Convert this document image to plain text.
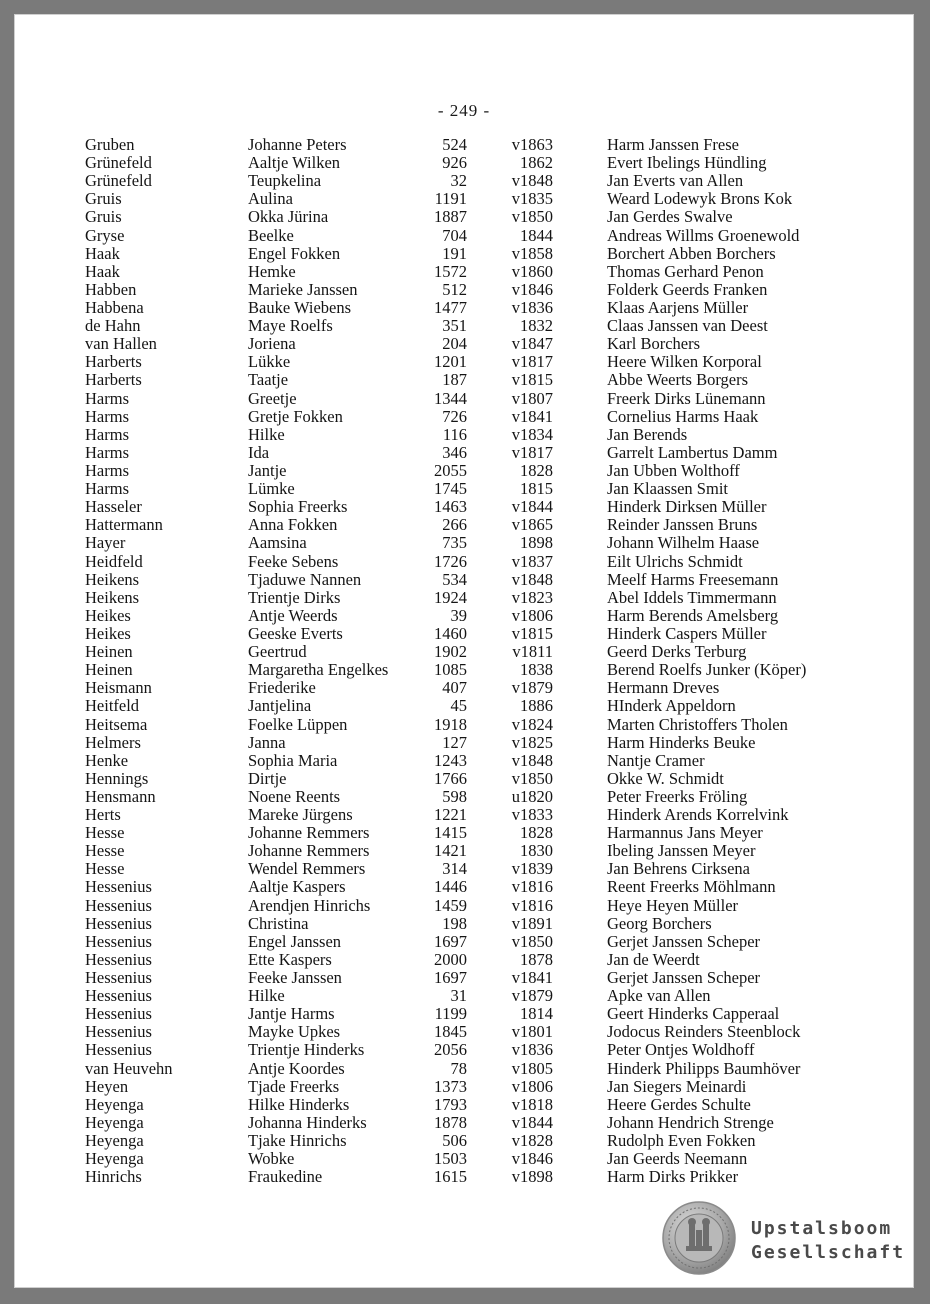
- 249 -
Gruben	Johanne Peters	524	v1863	Harm Janssen Frese
Grünefeld	Aaltje Wilken	926	1862	Evert Ibelings Hündling
Grünefeld	Teupkelina	32	v1848	Jan Everts van Allen
Gruis	Aulina	1191	v1835	Weard Lodewyk Brons Kok
Gruis	Okka Jürina	1887	v1850	Jan Gerdes Swalve
Gryse	Beelke	704	1844	Andreas Willms Groenewold
Haak	Engel Fokken	191	v1858	Borchert Abben Borchers
Haak	Hemke	1572	v1860	Thomas Gerhard Penon
Habben	Marieke Janssen	512	v1846	Folderk Geerds Franken
Habbena	Bauke Wiebens	1477	v1836	Klaas Aarjens Müller
de Hahn	Maye Roelfs	351	1832	Claas Janssen van Deest
van Hallen	Joriena	204	v1847	Karl Borchers
Harberts	Lükke	1201	v1817	Heere Wilken Korporal
Harberts	Taatje	187	v1815	Abbe Weerts Borgers
Harms	Greetje	1344	v1807	Freerk Dirks Lünemann
Harms	Gretje Fokken	726	v1841	Cornelius Harms Haak
Harms	Hilke	116	v1834	Jan Berends
Harms	Ida	346	v1817	Garrelt Lambertus Damm
Harms	Jantje	2055	1828	Jan Ubben Wolthoff
Harms	Lümke	1745	1815	Jan Klaassen Smit
Hasseler	Sophia Freerks	1463	v1844	Hinderk Dirksen Müller
Hattermann	Anna Fokken	266	v1865	Reinder Janssen Bruns
Hayer	Aamsina	735	1898	Johann Wilhelm Haase
Heidfeld	Feeke Sebens	1726	v1837	Eilt Ulrichs Schmidt
Heikens	Tjaduwe Nannen	534	v1848	Meelf Harms Freesemann
Heikens	Trientje Dirks	1924	v1823	Abel Iddels Timmermann
Heikes	Antje Weerds	39	v1806	Harm Berends Amelsberg
Heikes	Geeske Everts	1460	v1815	Hinderk Caspers Müller
Heinen	Geertrud	1902	v1811	Geerd Derks Terburg
Heinen	Margaretha Engelkes	1085	1838	Berend Roelfs Junker (Köper)
Heismann	Friederike	407	v1879	Hermann Dreves
Heitfeld	Jantjelina	45	1886	HInderk Appeldorn
Heitsema	Foelke Lüppen	1918	v1824	Marten Christoffers Tholen
Helmers	Janna	127	v1825	Harm Hinderks Beuke
Henke	Sophia Maria	1243	v1848	Nantje Cramer
Hennings	Dirtje	1766	v1850	Okke W. Schmidt
Hensmann	Noene Reents	598	u1820	Peter Freerks Fröling
Herts	Mareke Jürgens	1221	v1833	Hinderk Arends Korrelvink
Hesse	Johanne Remmers	1415	1828	Harmannus Jans Meyer
Hesse	Johanne Remmers	1421	1830	Ibeling Janssen Meyer
Hesse	Wendel Remmers	314	v1839	Jan Behrens Cirksena
Hessenius	Aaltje Kaspers	1446	v1816	Reent Freerks Möhlmann
Hessenius	Arendjen Hinrichs	1459	v1816	Heye Heyen Müller
Hessenius	Christina	198	v1891	Georg Borchers
Hessenius	Engel Janssen	1697	v1850	Gerjet Janssen Scheper
Hessenius	Ette Kaspers	2000	1878	Jan de Weerdt
Hessenius	Feeke Janssen	1697	v1841	Gerjet Janssen Scheper
Hessenius	Hilke	31	v1879	Apke van Allen
Hessenius	Jantje Harms	1199	1814	Geert Hinderks Capperaal
Hessenius	Mayke Upkes	1845	v1801	Jodocus Reinders Steenblock
Hessenius	Trientje Hinderks	2056	v1836	Peter Ontjes Woldhoff
van Heuvehn	Antje Koordes	78	v1805	Hinderk Philipps Baumhöver
Heyen	Tjade Freerks	1373	v1806	Jan Siegers Meinardi
Heyenga	Hilke Hinderks	1793	v1818	Heere Gerdes Schulte
Heyenga	Johanna Hinderks	1878	v1844	Johann Hendrich Strenge
Heyenga	Tjake Hinrichs	506	v1828	Rudolph Even Fokken
Heyenga	Wobke	1503	v1846	Jan Geerds Neemann
Hinrichs	Fraukedine	1615	v1898	Harm Dirks Prikker
Upstalsboom
Gesellschaft
